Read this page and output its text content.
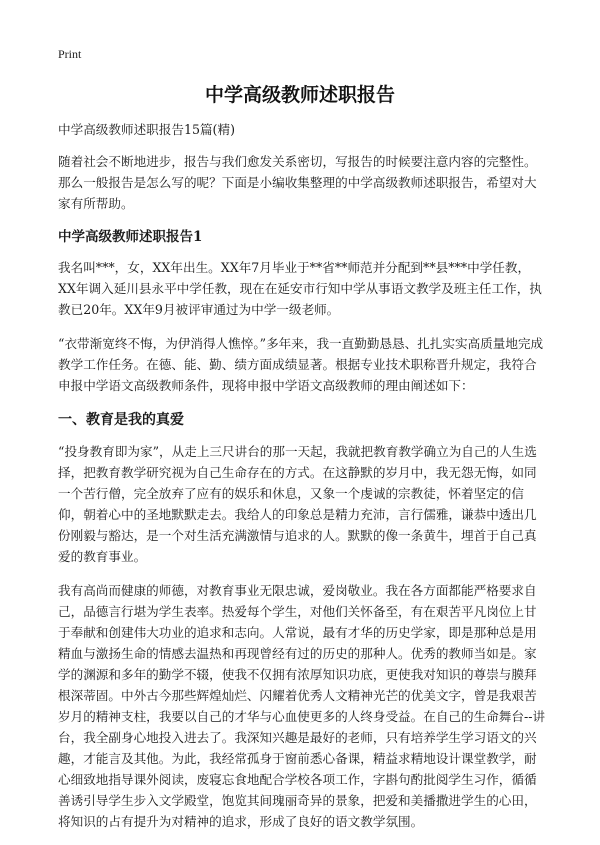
Print
中学高级教师述职报告

中学高级教师述职报告15篇(精)

随着社会不断地进步，报告与我们愈发关系密切，写报告的时候要注意内容的完整性。那么一般报告是怎么写的呢？下面是小编收集整理的中学高级教师述职报告，希望对大家有所帮助。

中学高级教师述职报告1

我名叫***，女，XX年出生。XX年7月毕业于**省**师范并分配到**县***中学任教，XX年调入延川县永平中学任教，现在在延安市行知中学从事语文教学及班主任工作，执教已20年。XX年9月被评审通过为中学一级老师。

“衣带渐宽终不悔，为伊消得人憔悴。”多年来，我一直勤勤恳恳、扎扎实实高质量地完成教学工作任务。在德、能、勤、绩方面成绩显著。根据专业技术职称晋升规定，我符合申报中学语文高级教师条件，现将申报中学语文高级教师的理由阐述如下：

一、教育是我的真爱

“投身教育即为家”，从走上三尺讲台的那一天起，我就把教育教学确立为自己的人生选择，把教育教学研究视为自己生命存在的方式。在这静默的岁月中，我无怨无悔，如同一个苦行僧，完全放弃了应有的娱乐和休息，又象一个虔诚的宗教徒，怀着坚定的信仰，朝着心中的圣地默默走去。我给人的印象总是精力充沛，言行儒雅，谦恭中透出几份刚毅与豁达，是一个对生活充满激情与追求的人。默默的像一条黄牛，埋首于自己真爱的教育事业。

我有高尚而健康的师德，对教育事业无限忠诚，爱岗敬业。我在各方面都能严格要求自己，品德言行堪为学生表率。热爱每个学生，对他们关怀备至，有在艰苦平凡岗位上甘于奉献和创建伟大功业的追求和志向。人常说，最有才华的历史学家，即是那种总是用精血与激扬生命的情感去温热和再现曾经有过的历史的那种人。优秀的教师当如是。家学的渊源和多年的勤学不辍，使我不仅拥有浓厚知识功底，更使我对知识的尊崇与膜拜根深蒂固。中外古今那些辉煌灿烂、闪耀着优秀人文精神光芒的优美文字，曾是我艰苦岁月的精神支柱，我要以自己的才华与心血使更多的人终身受益。在自己的生命舞台--讲台，我全副身心地投入进去了。我深知兴趣是最好的老师，只有培养学生学习语文的兴趣，才能言及其他。为此，我经常孤身于窗前悉心备课，精益求精地设计课堂教学，耐心细致地指导课外阅读，废寝忘食地配合学校各项工作，字斟句酌批阅学生习作，循循善诱引导学生步入文学殿堂，饱览其间瑰丽奇异的景象，把爱和美播撒进学生的心田，将知识的占有提升为对精神的追求，形成了良好的语文教学氛围。
